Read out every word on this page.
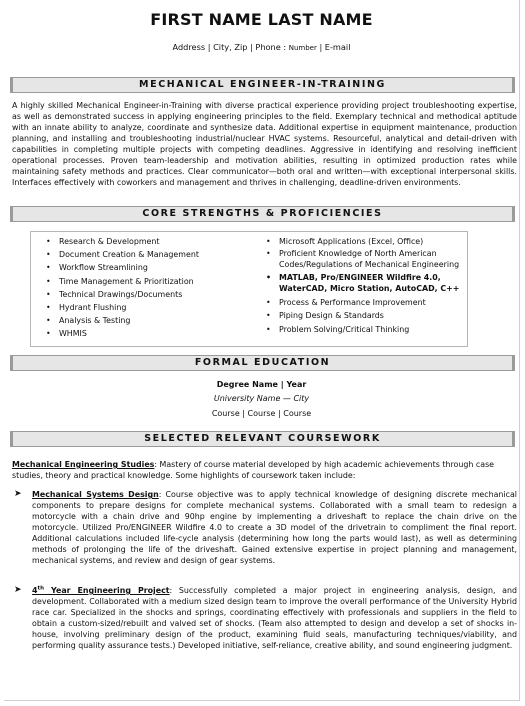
FIRST NAME LAST NAME
Address | City, Zip | Phone : Number | E-mail
MECHANICAL ENGINEER-IN-TRAINING
A highly skilled Mechanical Engineer-in-Training with diverse practical experience providing project troubleshooting expertise, as well as demonstrated success in applying engineering principles to the field. Exemplary technical and methodical aptitude with an innate ability to analyze, coordinate and synthesize data. Additional expertise in equipment maintenance, production planning, and installing and troubleshooting industrial/nuclear HVAC systems. Resourceful, analytical and detail-driven with capabilities in completing multiple projects with competing deadlines. Aggressive in identifying and resolving inefficient operational processes. Proven team-leadership and motivation abilities, resulting in optimized production rates while maintaining safety methods and practices. Clear communicator—both oral and written—with exceptional interpersonal skills. Interfaces effectively with coworkers and management and thrives in challenging, deadline-driven environments.
CORE STRENGTHS & PROFICIENCIES
• Research & Development
• Document Creation & Management
• Workflow Streamlining
• Time Management & Prioritization
• Technical Drawings/Documents
• Hydrant Flushing
• Analysis & Testing
• WHMIS
• Microsoft Applications (Excel, Office)
• Proficient Knowledge of North American
Codes/Regulations of Mechanical Engineering
• MATLAB, Pro/ENGINEER Wildfire 4.0,
WaterCAD, Micro Station, AutoCAD, C++
• Process & Performance Improvement
• Piping Design & Standards
• Problem Solving/Critical Thinking
FORMAL EDUCATION
Degree Name | Year
University Name — City
Course | Course | Course
SELECTED RELEVANT COURSEWORK
Mechanical Engineering Studies: Mastery of course material developed by high academic achievements through case studies, theory and practical knowledge. Some highlights of coursework taken include:
➤ Mechanical Systems Design: Course objective was to apply technical knowledge of designing discrete mechanical components to prepare designs for complete mechanical systems. Collaborated with a small team to redesign a motorcycle with a chain drive and 90hp engine by implementing a driveshaft to replace the chain drive on the motorcycle. Utilized Pro/ENGINEER Wildfire 4.0 to create a 3D model of the drivetrain to compliment the final report. Additional calculations included life-cycle analysis (determining how long the parts would last), as well as determining methods of prolonging the life of the driveshaft. Gained extensive expertise in project planning and management, mechanical systems, and review and design of gear systems.
➤ 4th Year Engineering Project: Successfully completed a major project in engineering analysis, design, and development. Collaborated with a medium sized design team to improve the overall performance of the University Hybrid race car. Specialized in the shocks and springs, coordinating effectively with professionals and suppliers in the field to obtain a custom-sized/rebuilt and valved set of shocks. (Team also attempted to design and develop a set of shocks in-house, involving preliminary design of the product, examining fluid seals, manufacturing techniques/viability, and performing quality assurance tests.) Developed initiative, self-reliance, creative ability, and sound engineering judgment.
